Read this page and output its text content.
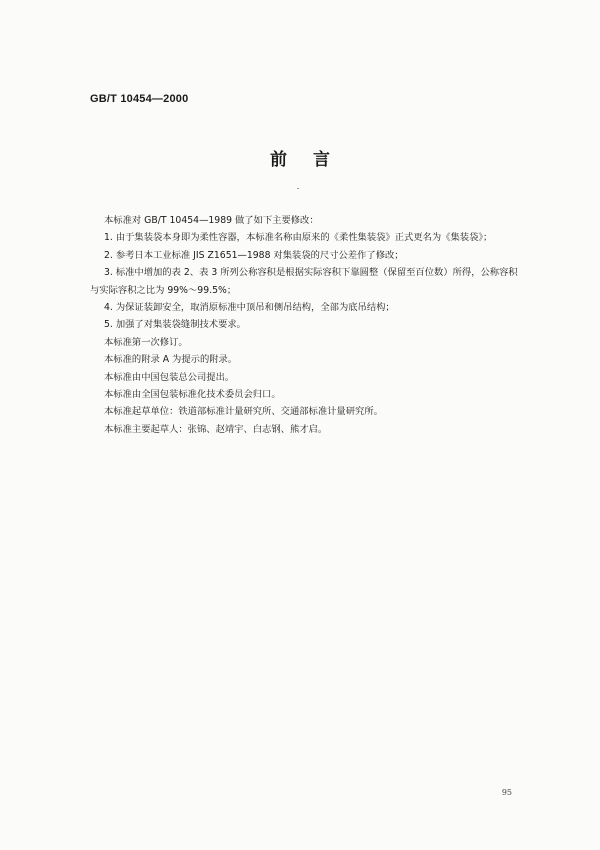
GB/T 10454—2000
前言

本标准对 GB/T 10454—1989 做了如下主要修改：

1. 由于集装袋本身即为柔性容器，本标准名称由原来的《柔性集装袋》正式更名为《集装袋》；

2. 参考日本工业标准 JIS Z1651—1988 对集装袋的尺寸公差作了修改；

3. 标准中增加的表 2、表 3 所列公称容积是根据实际容积下靠圆整（保留至百位数）所得，公称容积

与实际容积之比为 99%～99.5%；

4. 为保证装卸安全，取消原标准中顶吊和侧吊结构，全部为底吊结构；

5. 加强了对集装袋缝制技术要求。

本标准第一次修订。

本标准的附录 A 为提示的附录。

本标准由中国包装总公司提出。

本标准由全国包装标准化技术委员会归口。

本标准起草单位：铁道部标准计量研究所、交通部标准计量研究所。

本标准主要起草人：张锦、赵靖宇、白志钢、熊才启。

95
